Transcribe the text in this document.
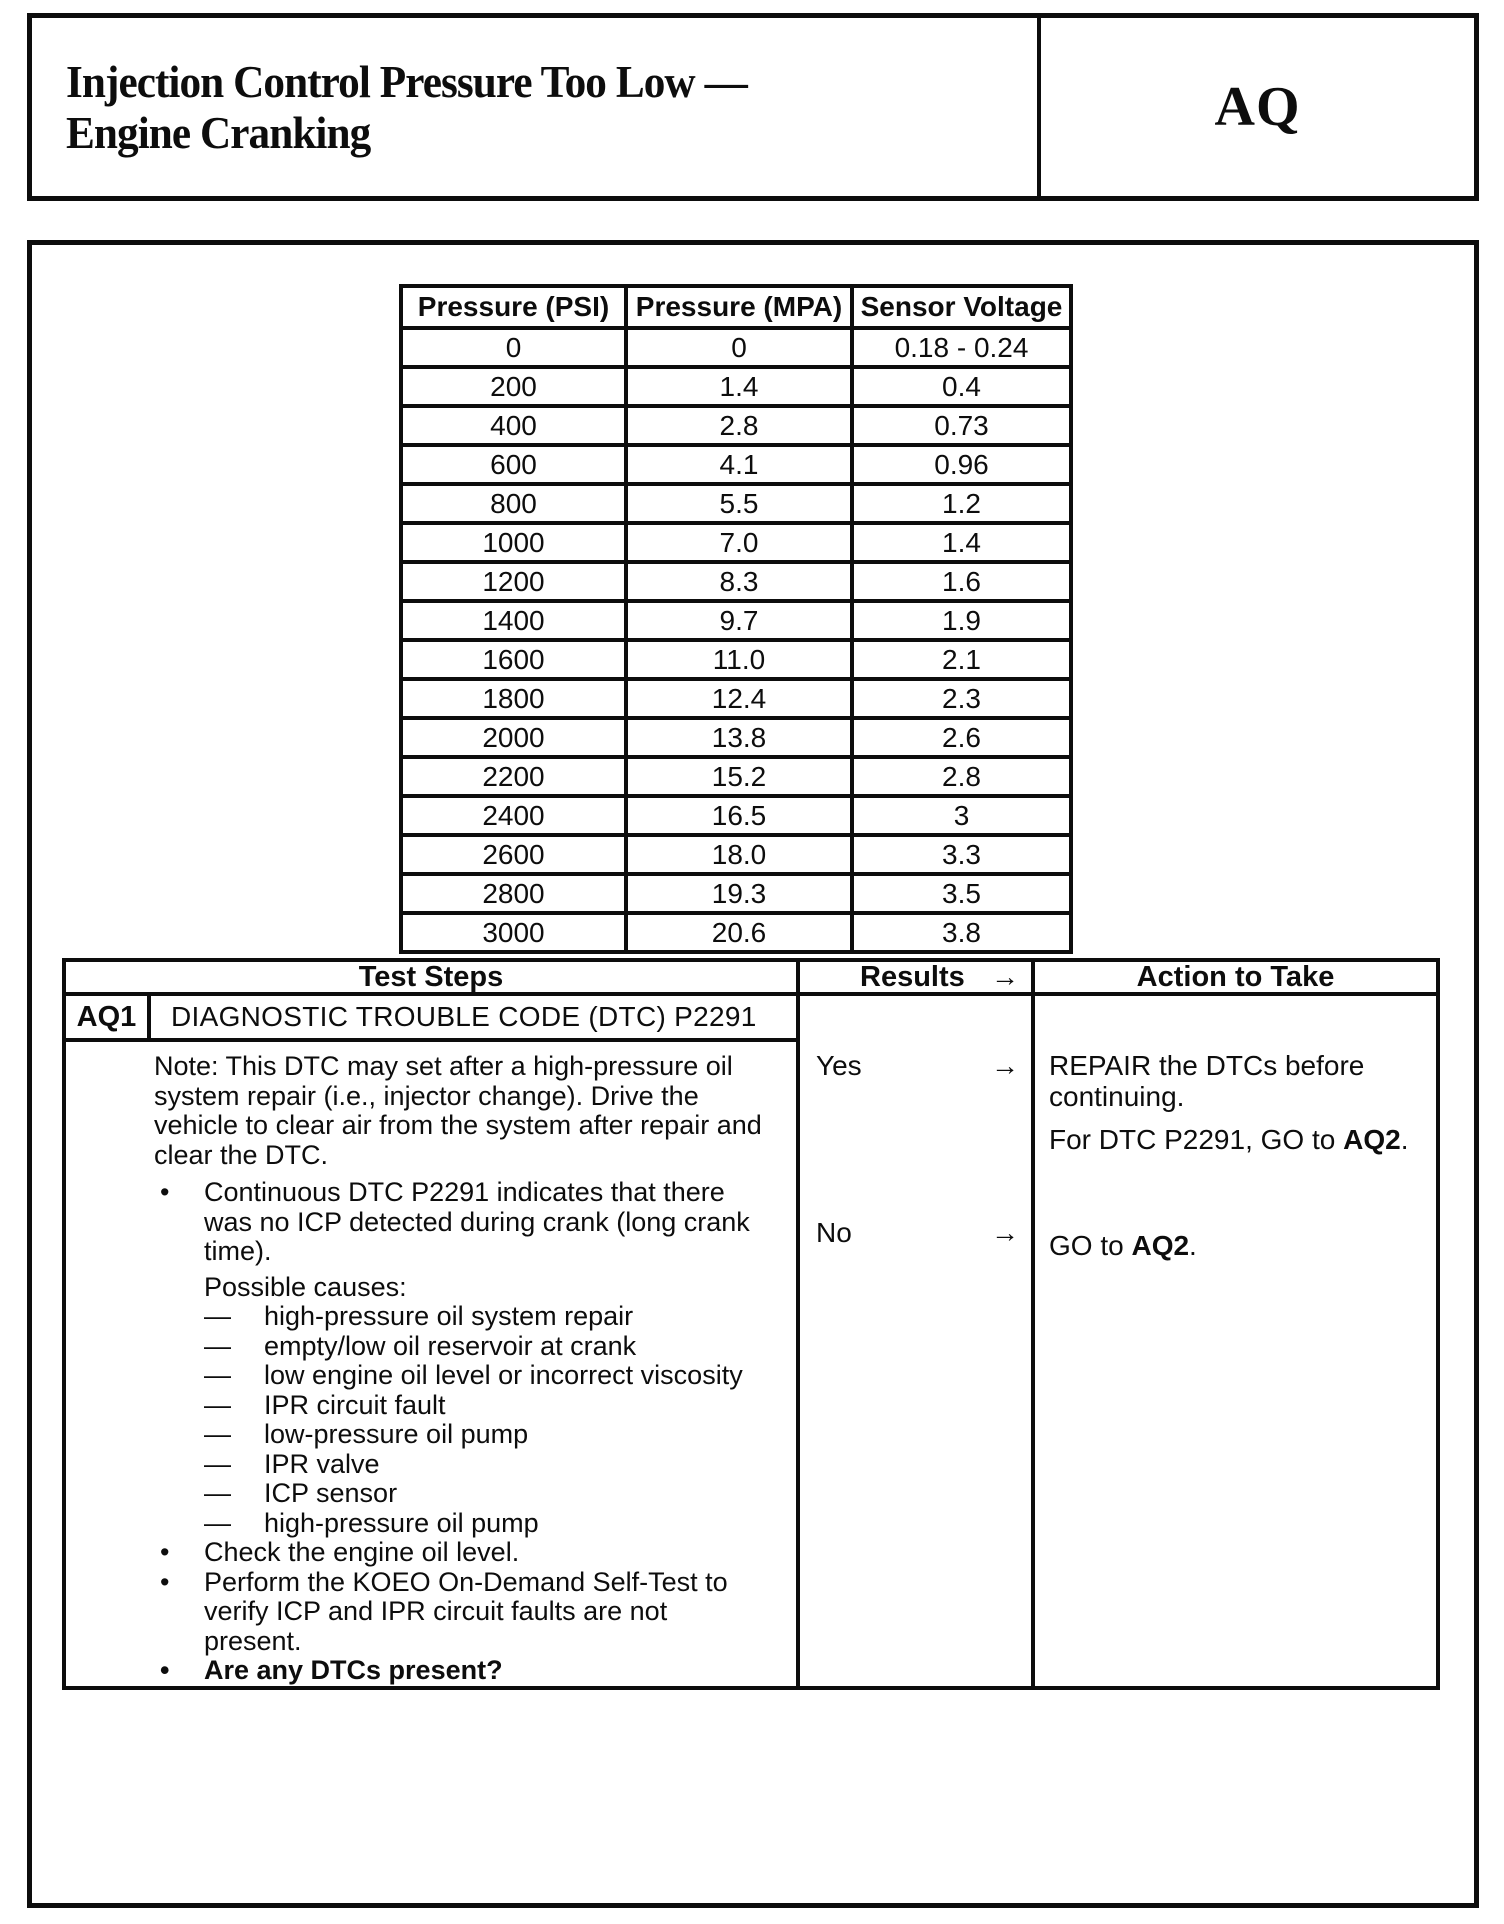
Injection Control Pressure Too Low —
Engine Cranking	AQ
Pressure (PSI)	Pressure (MPA)	Sensor Voltage
0	0	0.18 - 0.24
200	1.4	0.4
400	2.8	0.73
600	4.1	0.96
800	5.5	1.2
1000	7.0	1.4
1200	8.3	1.6
1400	9.7	1.9
1600	11.0	2.1
1800	12.4	2.3
2000	13.8	2.6
2200	15.2	2.8
2400	16.5	3
2600	18.0	3.3
2800	19.3	3.5
3000	20.6	3.8
Test Steps	Results →	Action to Take
AQ1	DIAGNOSTIC TROUBLE CODE (DTC) P2291
Note: This DTC may set after a high-pressure oil system repair (i.e., injector change). Drive the vehicle to clear air from the system after repair and clear the DTC.
•	Continuous DTC P2291 indicates that there was no ICP detected during crank (long crank time).
Possible causes:
—	high-pressure oil system repair
—	empty/low oil reservoir at crank
—	low engine oil level or incorrect viscosity
—	IPR circuit fault
—	low-pressure oil pump
—	IPR valve
—	ICP sensor
—	high-pressure oil pump
•	Check the engine oil level.
•	Perform the KOEO On-Demand Self-Test to verify ICP and IPR circuit faults are not present.
•	Are any DTCs present?
Yes	→
No	→
REPAIR the DTCs before continuing.
For DTC P2291, GO to AQ2.
GO to AQ2.
